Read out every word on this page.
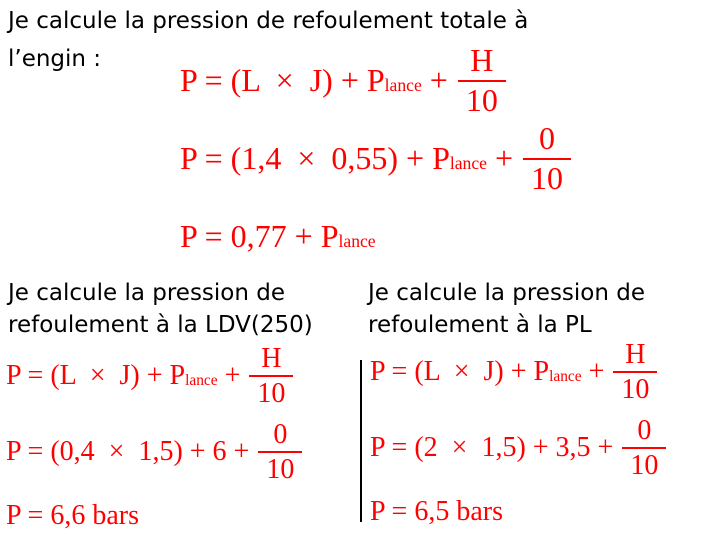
Je calcule la pression de refoulement totale à
l’engin :
P = (L  ×  J) + P lance + $\frac{H}{10}$
P = (1,4  ×  0,55) + P lance + $\frac{0}{10}$
P = 0,77 + P lance
Je calcule la pression de
refoulement à la LDV(250)
Je calcule la pression de
refoulement à la PL
P = (L  ×  J) + P lance + $\frac{H}{10}$
$P = (0,4 \times 1,5) + 6 + \frac{0}{10}$
P = 6,6 bars
P = (L  ×  J) + P lance + $\frac{H}{10}$
$P = (2 \times 1,5) + 3,5 + \frac{0}{10}$
P = 6,5 bars
